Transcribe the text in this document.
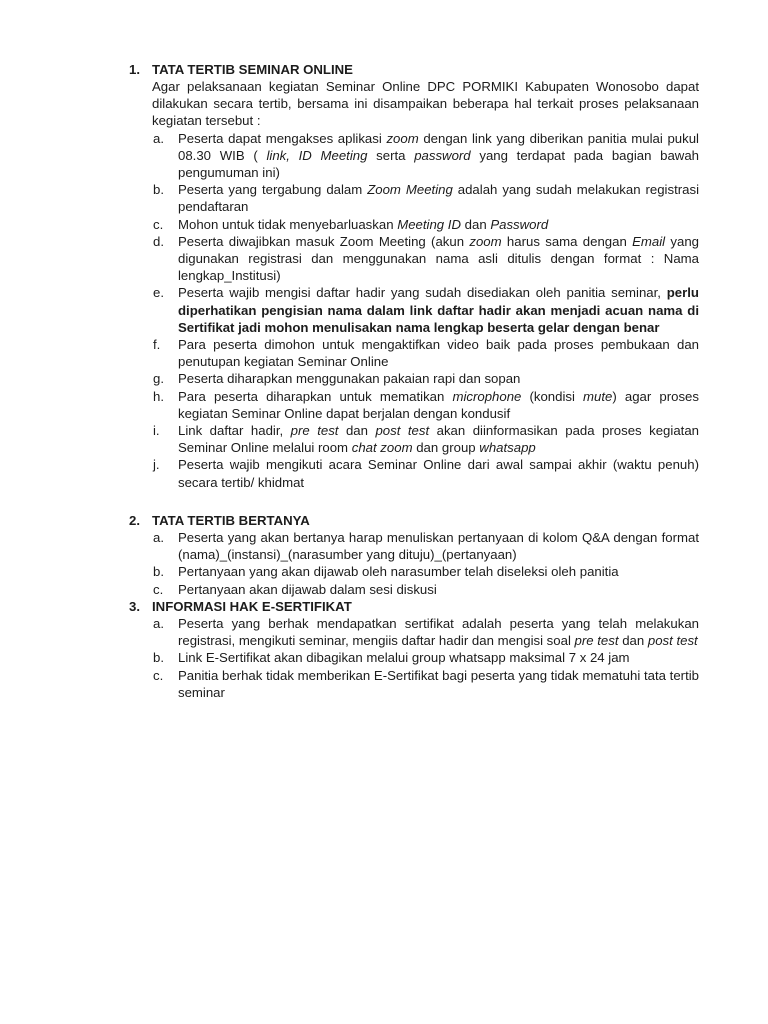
1. TATA TERTIB SEMINAR ONLINE

Agar pelaksanaan kegiatan Seminar Online DPC PORMIKI Kabupaten Wonosobo dapat dilakukan secara tertib, bersama ini disampaikan beberapa hal terkait proses pelaksanaan kegiatan tersebut :

a. Peserta dapat mengakses aplikasi zoom dengan link yang diberikan panitia mulai pukul 08.30 WIB ( link, ID Meeting serta password yang terdapat pada bagian bawah pengumuman ini)
b. Peserta yang tergabung dalam Zoom Meeting adalah yang sudah melakukan registrasi pendaftaran
c. Mohon untuk tidak menyebarluaskan Meeting ID dan Password
d. Peserta diwajibkan masuk Zoom Meeting (akun zoom harus sama dengan Email yang digunakan registrasi dan menggunakan nama asli ditulis dengan format : Nama lengkap_Institusi)
e. Peserta wajib mengisi daftar hadir yang sudah disediakan oleh panitia seminar, perlu diperhatikan pengisian nama dalam link daftar hadir akan menjadi acuan nama di Sertifikat jadi mohon menulisakan nama lengkap beserta gelar dengan benar
f. Para peserta dimohon untuk mengaktifkan video baik pada proses pembukaan dan penutupan kegiatan Seminar Online
g. Peserta diharapkan menggunakan pakaian rapi dan sopan
h. Para peserta diharapkan untuk mematikan microphone (kondisi mute) agar proses kegiatan Seminar Online dapat berjalan dengan kondusif
i. Link daftar hadir, pre test dan post test akan diinformasikan pada proses kegiatan Seminar Online melalui room chat zoom dan group whatsapp
j. Peserta wajib mengikuti acara Seminar Online dari awal sampai akhir (waktu penuh) secara tertib/ khidmat

2. TATA TERTIB BERTANYA

a. Peserta yang akan bertanya harap menuliskan pertanyaan di kolom Q&A dengan format (nama)_(instansi)_(narasumber yang dituju)_(pertanyaan)
b. Pertanyaan yang akan dijawab oleh narasumber telah diseleksi oleh panitia
c. Pertanyaan akan dijawab dalam sesi diskusi

3. INFORMASI HAK E-SERTIFIKAT

a. Peserta yang berhak mendapatkan sertifikat adalah peserta yang telah melakukan registrasi, mengikuti seminar, mengiis daftar hadir dan mengisi soal pre test dan post test
b. Link E-Sertifikat akan dibagikan melalui group whatsapp maksimal 7 x 24 jam
c. Panitia berhak tidak memberikan E-Sertifikat bagi peserta yang tidak mematuhi tata tertib seminar
